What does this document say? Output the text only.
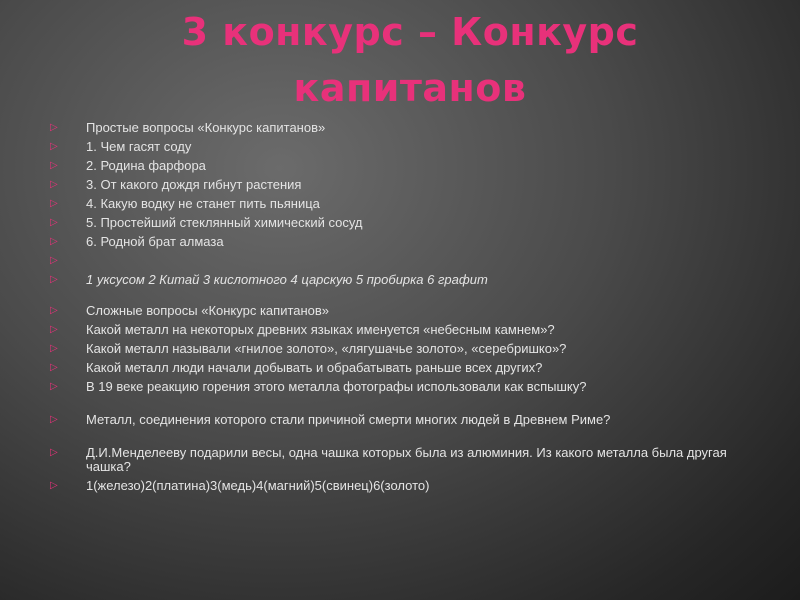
3 конкурс – Конкурс капитанов
▷ Простые вопросы «Конкурс капитанов»
▷ 1. Чем гасят соду
▷ 2. Родина фарфора
▷ 3. От какого дождя гибнут растения
▷ 4. Какую водку не станет пить пьяница
▷ 5. Простейший стеклянный химический сосуд
▷ 6. Родной брат алмаза
▷
▷ 1 уксусом 2 Китай 3 кислотного 4 царскую 5 пробирка 6 графит
▷ Сложные вопросы «Конкурс капитанов»
▷ Какой металл на некоторых древних языках именуется «небесным камнем»?
▷ Какой металл называли «гнилое золото», «лягушачье золото», «серебришко»?
▷ Какой металл люди начали добывать и обрабатывать раньше всех других?
▷ В 19 веке реакцию горения этого металла фотографы использовали как вспышку?
▷ Металл, соединения которого стали причиной смерти многих людей в Древнем Риме?
▷ Д.И.Менделееву подарили весы, одна чашка которых была из алюминия. Из какого металла была другая чашка?
▷ 1(железо)2(платина)3(медь)4(магний)5(свинец)6(золото)
